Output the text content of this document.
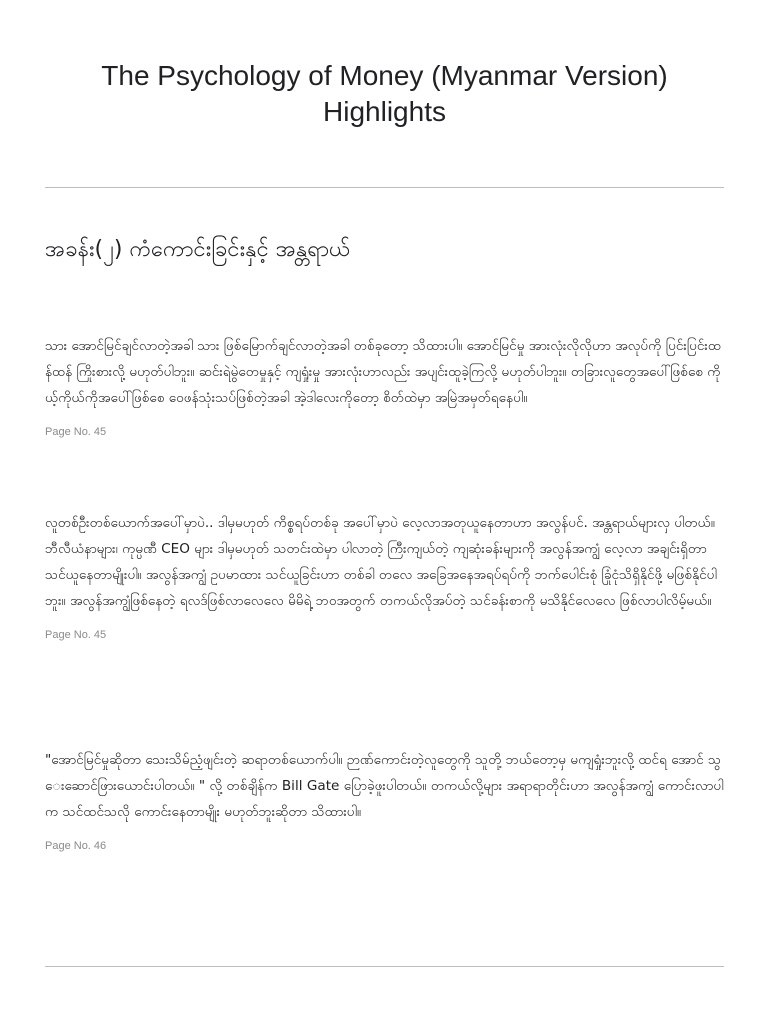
The Psychology of Money (Myanmar Version) Highlights
အခန်း(၂) ကံကောင်းခြင်းနှင့် အန္တရာယ်

သား အောင်မြင်ချင်လာတဲ့အခါ သား ဖြစ်မြောက်ချင်လာတဲ့အခါ တစ်ခုတော့ သိထားပါ။ အောင်မြင်မှု အားလုံးလိုလိုဟာ အလုပ်ကို ပြင်းပြင်းထန်ထန် ကြိုးစားလို့ မဟုတ်ပါဘူး။ ဆင်းရဲမွဲတေမှုနှင့် ကျရှုံးမှု အားလုံးဟာလည်း အပျင်းထူခဲ့ကြလို့ မဟုတ်ပါဘူး။ တခြားလူတွေအပေါ်ဖြစ်စေ ကိုယ့်ကိုယ်ကိုအပေါ်ဖြစ်စေ ဝေဖန်သုံးသပ်ဖြစ်တဲ့အခါ အဲ့ဒါလေးကိုတော့ စိတ်ထဲမှာ အမြဲအမှတ်ရနေပါ။

Page No. 45

လူတစ်ဦးတစ်ယောက်အပေါ်မှာပဲ.. ဒါမှမဟုတ် ကိစ္စရပ်တစ်ခု အပေါ်မှာပဲ လေ့လာအတုယူနေတာဟာ အလွန်ပင်. အန္တရာယ်များလှ ပါတယ်။ ဘီလီယံနာများ၊ ကုမ္ပဏီ CEO များ ဒါမှမဟုတ် သတင်းထဲမှာ ပါလာတဲ့ ကြီးကျယ်တဲ့ ကျဆုံးခန်းများကို အလွန်အကျွံ လေ့လာ အချင်းရှိတာ သင်ယူနေတာမျိုးပါ။ အလွန်အကျွံ ဥပမာထား သင်ယူခြင်းဟာ တစ်ခါ တလေ အခြေအနေအရပ်ရပ်ကို ဘက်ပေါင်းစုံ ခြုံငုံသိရှိနိုင်ဖို့ မဖြစ်နိုင်ပါဘူး။ အလွန်အကျွံဖြစ်နေတဲ့ ရလဒ်ဖြစ်လာလေလေ မိမိရဲ့ ဘဝအတွက် တကယ်လိုအပ်တဲ့ သင်ခန်းစာကို မသိနိုင်လေလေ ဖြစ်လာပါလိမ့်မယ်။

Page No. 45

"အောင်မြင်မှုဆိုတာ သေးသိမ်ညံ့ဖျင်းတဲ့ ဆရာတစ်ယောက်ပါ။ ဉာဏ်ကောင်းတဲ့လူတွေကို သူတို့ ဘယ်တော့မှ မကျရှုံးဘူးလို့ ထင်ရ အောင် သွေးဆောင်ဖြားယောင်းပါတယ်။ " လို့ တစ်ချိန်က Bill Gate ပြောခဲ့ဖူးပါတယ်။ တကယ်လို့များ အရာရာတိုင်းဟာ အလွန်အကျွံ ကောင်းလာပါက သင်ထင်သလို ကောင်းနေတာမျိုး မဟုတ်ဘူးဆိုတာ သိထားပါ။

Page No. 46
